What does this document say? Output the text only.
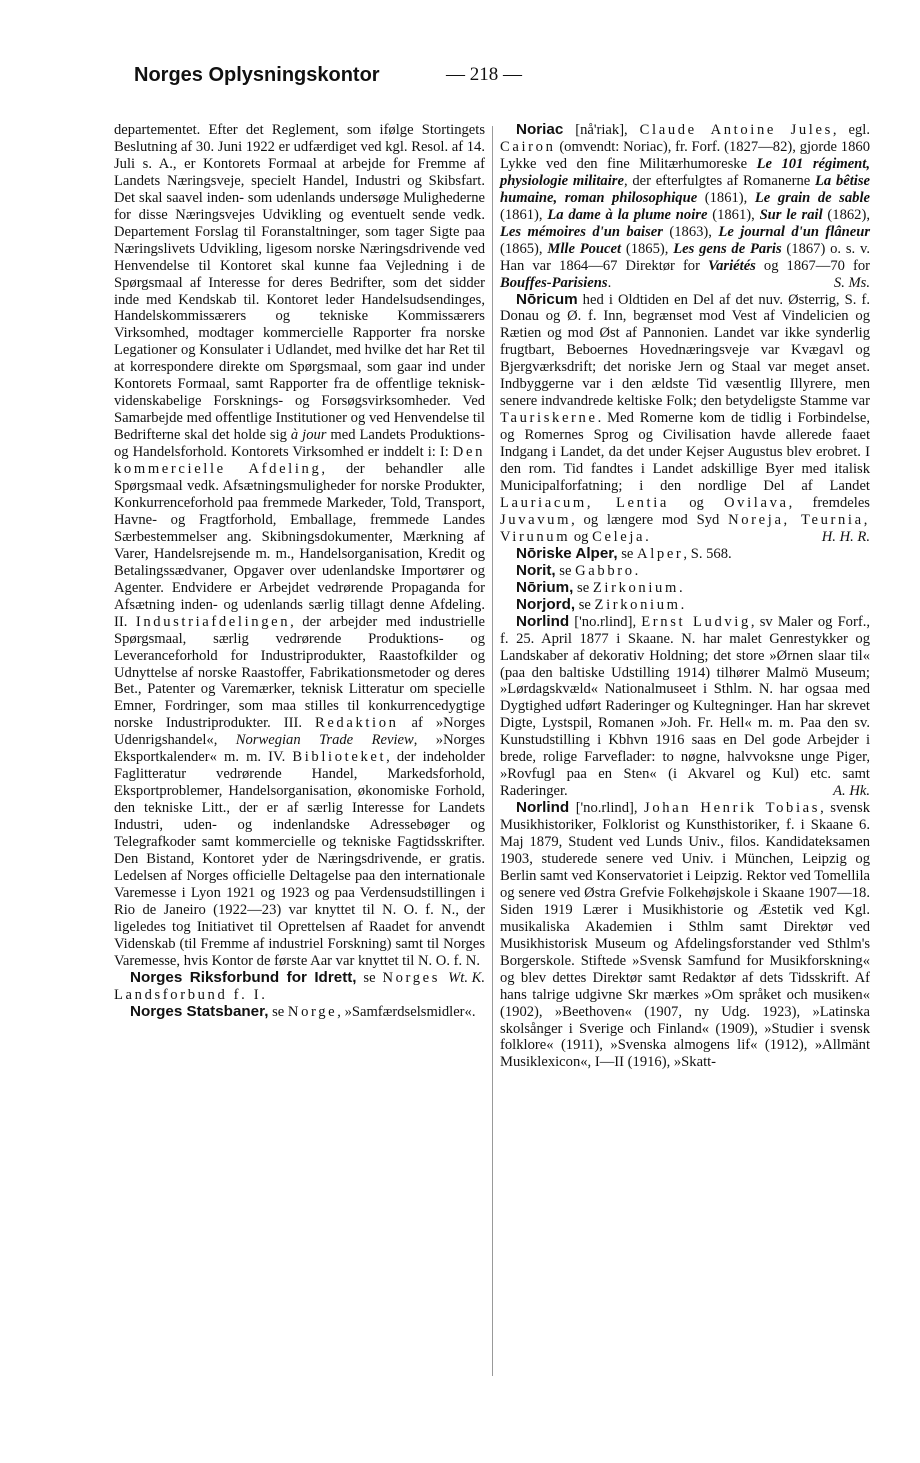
Norges Oplysningskontor	— 218 —

departementet. Efter det Reglement, som ifølge Stortingets Beslutning af 30. Juni 1922 er udfærdiget ved kgl. Resol. af 14. Juli s. A., er Kontorets Formaal at arbejde for Fremme af Landets Næringsveje, specielt Handel, Industri og Skibsfart. Det skal saavel inden- som udenlands undersøge Mulighederne for disse Næringsvejes Udvikling og eventuelt sende vedk. Departement Forslag til Foranstaltninger, som tager Sigte paa Næringslivets Udvikling, ligesom norske Næringsdrivende ved Henvendelse til Kontoret skal kunne faa Vejledning i de Spørgsmaal af Interesse for deres Bedrifter, som det sidder inde med Kendskab til. Kontoret leder Handelsudsendinges, Handelskommissærers og tekniske Kommissærers Virksomhed, modtager kommercielle Rapporter fra norske Legationer og Konsulater i Udlandet, med hvilke det har Ret til at korrespondere direkte om Spørgsmaal, som gaar ind under Kontorets Formaal, samt Rapporter fra de offentlige teknisk-videnskabelige Forsknings- og Forsøgsvirksomheder. Ved Samarbejde med offentlige Institutioner og ved Henvendelse til Bedrifterne skal det holde sig à jour med Landets Produktions- og Handelsforhold. Kontorets Virksomhed er inddelt i: I: Den kommercielle Afdeling, der behandler alle Spørgsmaal vedk. Afsætningsmuligheder for norske Produkter, Konkurrenceforhold paa fremmede Markeder, Told, Transport, Havne- og Fragtforhold, Emballage, fremmede Landes Særbestemmelser ang. Skibningsdokumenter, Mærkning af Varer, Handelsrejsende m. m., Handelsorganisation, Kredit og Betalingssædvaner, Opgaver over udenlandske Importører og Agenter. Endvidere er Arbejdet vedrørende Propaganda for Afsætning inden- og udenlands særlig tillagt denne Afdeling. II. Industriafdelingen, der arbejder med industrielle Spørgsmaal, særlig vedrørende Produktions- og Leveranceforhold for Industriprodukter, Raastofkilder og Udnyttelse af norske Raastoffer, Fabrikationsmetoder og deres Bet., Patenter og Varemærker, teknisk Litteratur om specielle Emner, Fordringer, som maa stilles til konkurrencedygtige norske Industriprodukter. III. Redaktion af »Norges Udenrigshandel«, Norwegian Trade Review, »Norges Eksportkalender« m. m. IV. Biblioteket, der indeholder Faglitteratur vedrørende Handel, Markedsforhold, Eksportproblemer, Handelsorganisation, økonomiske Forhold, den tekniske Litt., der er af særlig Interesse for Landets Industri, uden- og indenlandske Adressebøger og Telegrafkoder samt kommercielle og tekniske Fagtidsskrifter. Den Bistand, Kontoret yder de Næringsdrivende, er gratis. Ledelsen af Norges officielle Deltagelse paa den internationale Varemesse i Lyon 1921 og 1923 og paa Verdensudstillingen i Rio de Janeiro (1922—23) var knyttet til N. O. f. N., der ligeledes tog Initiativet til Oprettelsen af Raadet for anvendt Videnskab (til Fremme af industriel Forskning) samt til Norges Varemesse, hvis Kontor de første Aar var knyttet til N. O. f. N.
Wt. K.

Norges Riksforbund for Idrett, se Norges Landsforbund f. I.

Norges Statsbaner, se Norge, »Samfærdselsmidler«.

Noriac [nå'riak], Claude Antoine Jules, egl. Cairon (omvendt: Noriac), fr. Forf. (1827—82), gjorde 1860 Lykke ved den fine Militærhumoreske Le 101 régiment, physiologie militaire, der efterfulgtes af Romanerne La bêtise humaine, roman philosophique (1861), Le grain de sable (1861), La dame à la plume noire (1861), Sur le rail (1862), Les mémoires d'un baiser (1863), Le journal d'un flâneur (1865), Mlle Poucet (1865), Les gens de Paris (1867) o. s. v. Han var 1864—67 Direktør for Variétés og 1867—70 for Bouffes-Parisiens.	S. Ms.

Nōricum hed i Oldtiden en Del af det nuv. Østerrig, S. f. Donau og Ø. f. Inn, begrænset mod Vest af Vindelicien og Rætien og mod Øst af Pannonien. Landet var ikke synderlig frugtbart, Beboernes Hovednæringsveje var Kvægavl og Bjergværksdrift; det noriske Jern og Staal var meget anset. Indbyggerne var i den ældste Tid væsentlig Illyrere, men senere indvandrede keltiske Folk; den betydeligste Stamme var Tauriskerne. Med Romerne kom de tidlig i Forbindelse, og Romernes Sprog og Civilisation havde allerede faaet Indgang i Landet, da det under Kejser Augustus blev erobret. I den rom. Tid fandtes i Landet adskillige Byer med italisk Municipalforfatning; i den nordlige Del af Landet Lauriacum, Lentia og Ovilava, fremdeles Juvavum, og længere mod Syd Noreja, Teurnia, Virunum og Celeja.	H. H. R.

Nōriske Alper, se Alper, S. 568.

Norit, se Gabbro.

Nōrium, se Zirkonium.

Norjord, se Zirkonium.

Norlind ['no.rlind], Ernst Ludvig, sv Maler og Forf., f. 25. April 1877 i Skaane. N. har malet Genrestykker og Landskaber af dekorativ Holdning; det store »Ørnen slaar til« (paa den baltiske Udstilling 1914) tilhører Malmö Museum; »Lørdagskvæld« Nationalmuseet i Sthlm. N. har ogsaa med Dygtighed udført Raderinger og Kultegninger. Han har skrevet Digte, Lystspil, Romanen »Joh. Fr. Hell« m. m. Paa den sv. Kunstudstilling i Kbhvn 1916 saas en Del gode Arbejder i brede, rolige Farveflader: to nøgne, halvvoksne unge Piger, »Rovfugl paa en Sten« (i Akvarel og Kul) etc. samt Raderinger.	A. Hk.

Norlind ['no.rlind], Johan Henrik Tobias, svensk Musikhistoriker, Folklorist og Kunsthistoriker, f. i Skaane 6. Maj 1879, Student ved Lunds Univ., filos. Kandidateksamen 1903, studerede senere ved Univ. i München, Leipzig og Berlin samt ved Konservatoriet i Leipzig. Rektor ved Tomellila og senere ved Østra Grefvie Folkehøjskole i Skaane 1907—18. Siden 1919 Lærer i Musikhistorie og Æstetik ved Kgl. musikaliska Akademien i Sthlm samt Direktør ved Musikhistorisk Museum og Afdelingsforstander ved Sthlm's Borgerskole. Stiftede »Svensk Samfund for Musikforskning« og blev dettes Direktør samt Redaktør af dets Tidsskrift. Af hans talrige udgivne Skr mærkes »Om språket och musiken« (1902), »Beethoven« (1907, ny Udg. 1923), »Latinska skolsånger i Sverige och Finland« (1909), »Studier i svensk folklore« (1911), »Svenska almogens lif« (1912), »Allmänt Musiklexicon«, I—II (1916), »Skatt-
